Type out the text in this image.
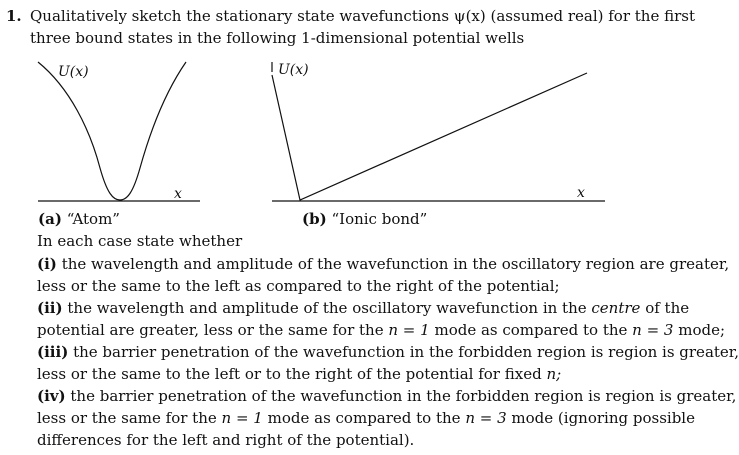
1. Qualitatively sketch the stationary state wavefunctions ψ(x) (assumed real) for the first
three bound states in the following 1-dimensional potential wells
U(x)
x
U(x)
x
(a) “Atom”	(b) “Ionic bond”
In each case state whether
(i) the wavelength and amplitude of the wavefunction in the oscillatory region are greater,
less or the same to the left as compared to the right of the potential;
(ii) the wavelength and amplitude of the oscillatory wavefunction in the centre of the
potential are greater, less or the same for the n = 1 mode as compared to the n = 3 mode;
(iii) the barrier penetration of the wavefunction in the forbidden region is region is greater,
less or the same to the left or to the right of the potential for fixed n;
(iv) the barrier penetration of the wavefunction in the forbidden region is region is greater,
less or the same for the n = 1 mode as compared to the n = 3 mode (ignoring possible
differences for the left and right of the potential).
